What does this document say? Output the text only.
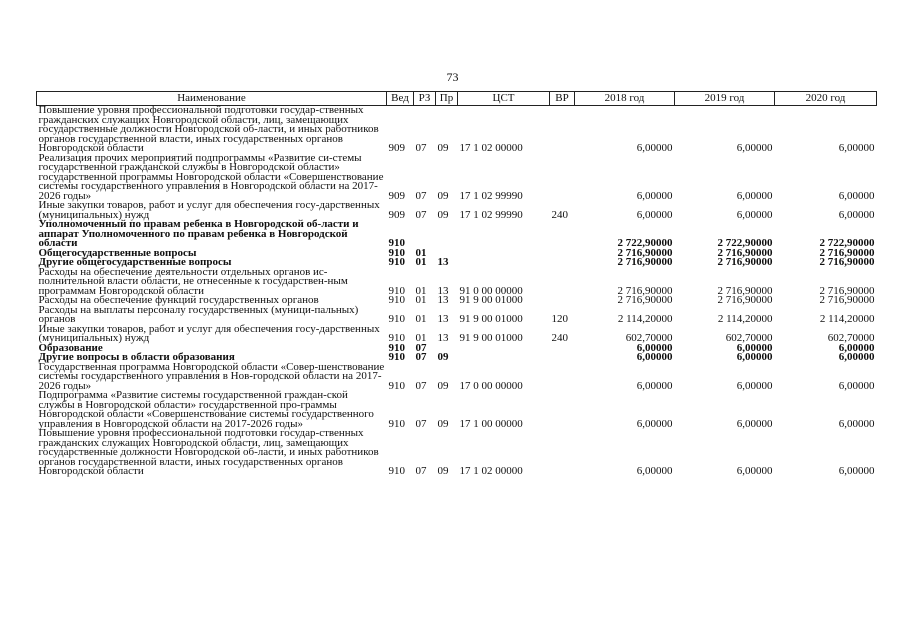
73
Наименование	Вед	РЗ	Пр	ЦСТ	ВР	2018 год	2019 год	2020 год
Повышение уровня профессиональной подготовки государ-ственных гражданских служащих Новгородской области, лиц, замещающих государственные должности Новгородской об-ласти, и иных работников органов государственной власти, иных государственных органов Новгородской области	909	07	09	17 1 02 00000		6,00000	6,00000	6,00000
Реализация прочих мероприятий подпрограммы «Развитие си-стемы государственной гражданской службы в Новгородской области» государственной программы Новгородской области «Совершенствование системы государственного управления в Новгородской области на 2017-2026 годы»	909	07	09	17 1 02 99990		6,00000	6,00000	6,00000
Иные закупки товаров, работ и услуг для обеспечения госу-дарственных (муниципальных) нужд	909	07	09	17 1 02 99990	240	6,00000	6,00000	6,00000
Уполномоченный по правам ребенка в Новгородской об-ласти и аппарат Уполномоченного по правам ребенка в Новгородской области	910					2 722,90000	2 722,90000	2 722,90000
Общегосударственные вопросы	910	01				2 716,90000	2 716,90000	2 716,90000
Другие общегосударственные вопросы	910	01	13			2 716,90000	2 716,90000	2 716,90000
Расходы на обеспечение деятельности отдельных органов ис-полнительной власти области, не отнесенные к государствен-ным программам Новгородской области	910	01	13	91 0 00 00000		2 716,90000	2 716,90000	2 716,90000
Расходы на обеспечение функций государственных органов	910	01	13	91 9 00 01000		2 716,90000	2 716,90000	2 716,90000
Расходы на выплаты персоналу государственных (муници-пальных) органов	910	01	13	91 9 00 01000	120	2 114,20000	2 114,20000	2 114,20000
Иные закупки товаров, работ и услуг для обеспечения госу-дарственных (муниципальных) нужд	910	01	13	91 9 00 01000	240	602,70000	602,70000	602,70000
Образование	910	07				6,00000	6,00000	6,00000
Другие вопросы в области образования	910	07	09			6,00000	6,00000	6,00000
Государственная программа Новгородской области «Совер-шенствование системы государственного управления в Нов-городской области на 2017-2026 годы»	910	07	09	17 0 00 00000		6,00000	6,00000	6,00000
Подпрограмма «Развитие системы государственной граждан-ской службы в Новгородской области» государственной про-граммы Новгородской области «Совершенствование системы государственного управления в Новгородской области на 2017-2026 годы»	910	07	09	17 1 00 00000		6,00000	6,00000	6,00000
Повышение уровня профессиональной подготовки государ-ственных гражданских служащих Новгородской области, лиц, замещающих государственные должности Новгородской об-ласти, и иных работников органов государственной власти, иных государственных органов Новгородской области	910	07	09	17 1 02 00000		6,00000	6,00000	6,00000
